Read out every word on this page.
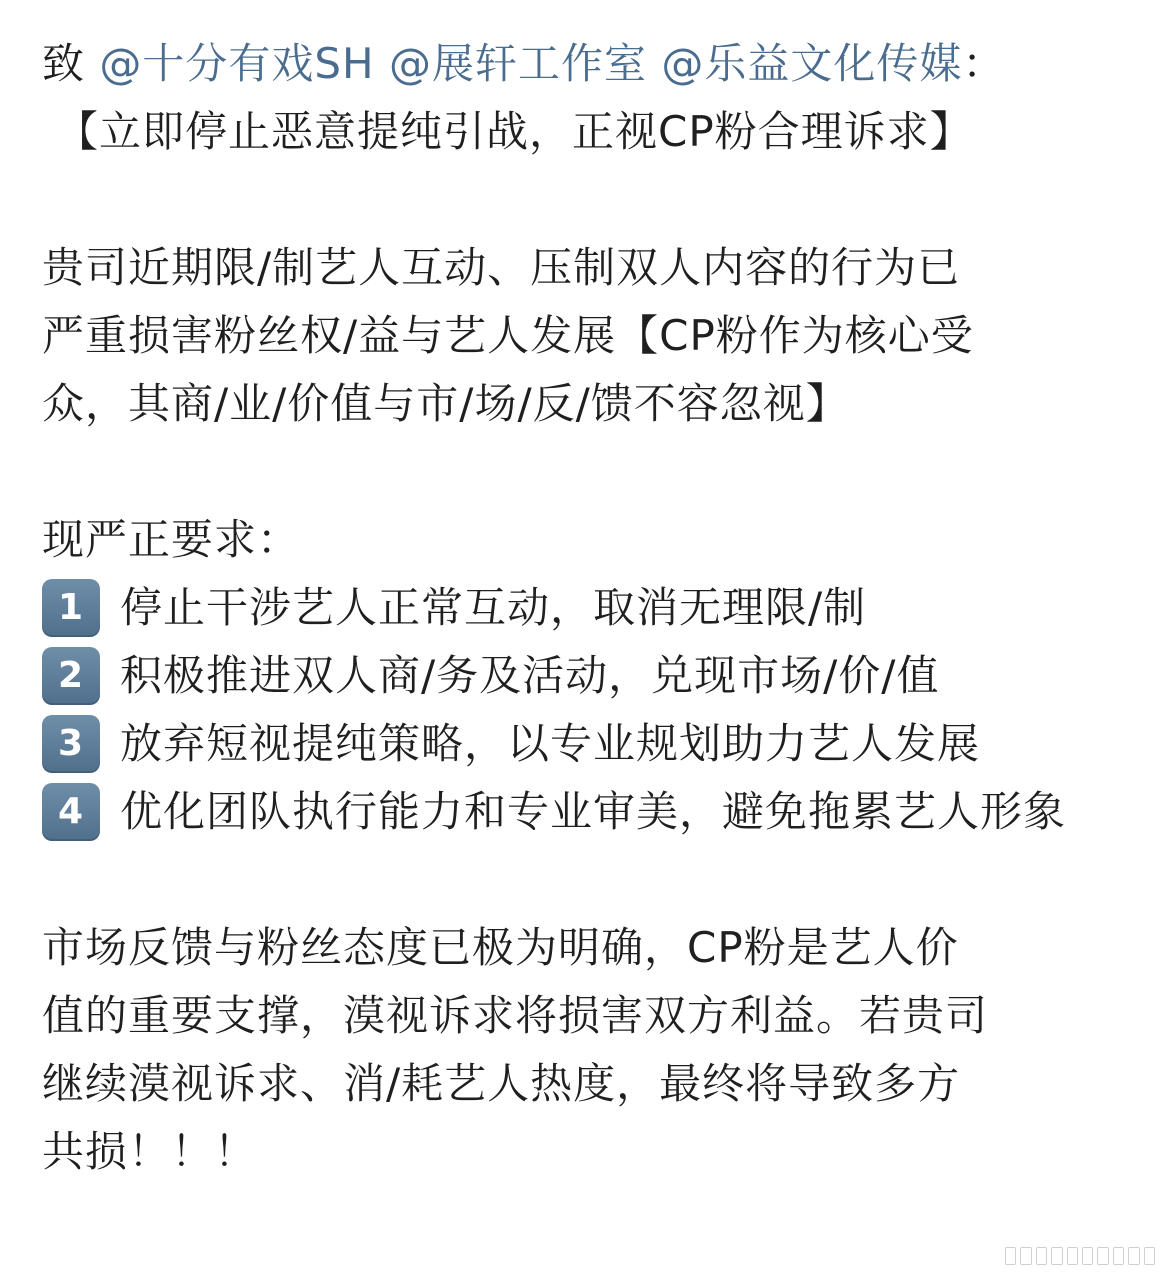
致 @十分有戏SH @展轩工作室 @乐益文化传媒：
【立即停止恶意提纯引战，正视CP粉合理诉求】
贵司近期限/制艺人互动、压制双人内容的行为已
严重损害粉丝权/益与艺人发展【CP粉作为核心受
众，其商/业/价值与市/场/反/馈不容忽视】
现严正要求：
1 停止干涉艺人正常互动，取消无理限/制
2 积极推进双人商/务及活动，兑现市场/价/值
3 放弃短视提纯策略，以专业规划助力艺人发展
4 优化团队执行能力和专业审美，避免拖累艺人形象
市场反馈与粉丝态度已极为明确，CP粉是艺人价
值的重要支撑，漠视诉求将损害双方利益。若贵司
继续漠视诉求、消/耗艺人热度，最终将导致多方
共损！！！
